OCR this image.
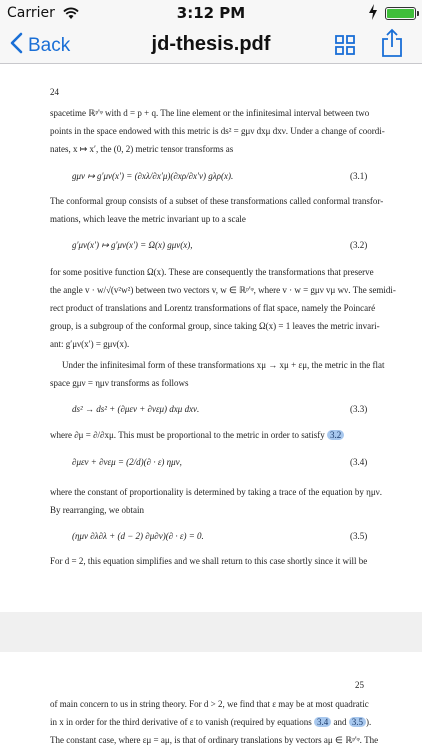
Carrier	3:12 PM
Back	jd-thesis.pdf
24
spacetime ℝᵖ'ᵠ with d = p + q. The line element or the infinitesimal interval between two
points in the space endowed with this metric is ds² = gμν dxμ dxν. Under a change of coordi-
nates, x ↦ x′, the (0, 2) metric tensor transforms as
gμν ↦ g′μν(x′) = (∂xλ/∂x′μ)(∂xρ/∂x′ν) gλρ(x).	(3.1)
The conformal group consists of a subset of these transformations called conformal transfor-
mations, which leave the metric invariant up to a scale
g′μν(x′) ↦ g′μν(x′) = Ω(x) gμν(x),	(3.2)
for some positive function Ω(x). These are consequently the transformations that preserve
the angle v · w/√(v²w²) between two vectors v, w ∈ ℝᵖ'ᵠ, where v · w = gμν vμ wν. The semidi-
rect product of translations and Lorentz transformations of flat space, namely the Poincaré
group, is a subgroup of the conformal group, since taking Ω(x) = 1 leaves the metric invari-
ant: g′μν(x′) = gμν(x).
Under the infinitesimal form of these transformations xμ → xμ + εμ, the metric in the flat
space gμν = ημν transforms as follows
ds² → ds² + (∂μεν + ∂νεμ) dxμ dxν.	(3.3)
where ∂μ = ∂/∂xμ. This must be proportional to the metric in order to satisfy 3.2
∂μεν + ∂νεμ = (2/d)(∂ · ε) ημν,	(3.4)
where the constant of proportionality is determined by taking a trace of the equation by ημν.
By rearranging, we obtain
(ημν ∂λ∂λ + (d − 2) ∂μ∂ν)(∂ · ε) = 0.	(3.5)
For d = 2, this equation simplifies and we shall return to this case shortly since it will be
25
of main concern to us in string theory. For d > 2, we find that ε may be at most quadratic
in x in order for the third derivative of ε to vanish (required by equations 3.4 and 3.5 ).
The constant case, where εμ = aμ, is that of ordinary translations by vectors aμ ∈ ℝᵖ'ᵠ. The
